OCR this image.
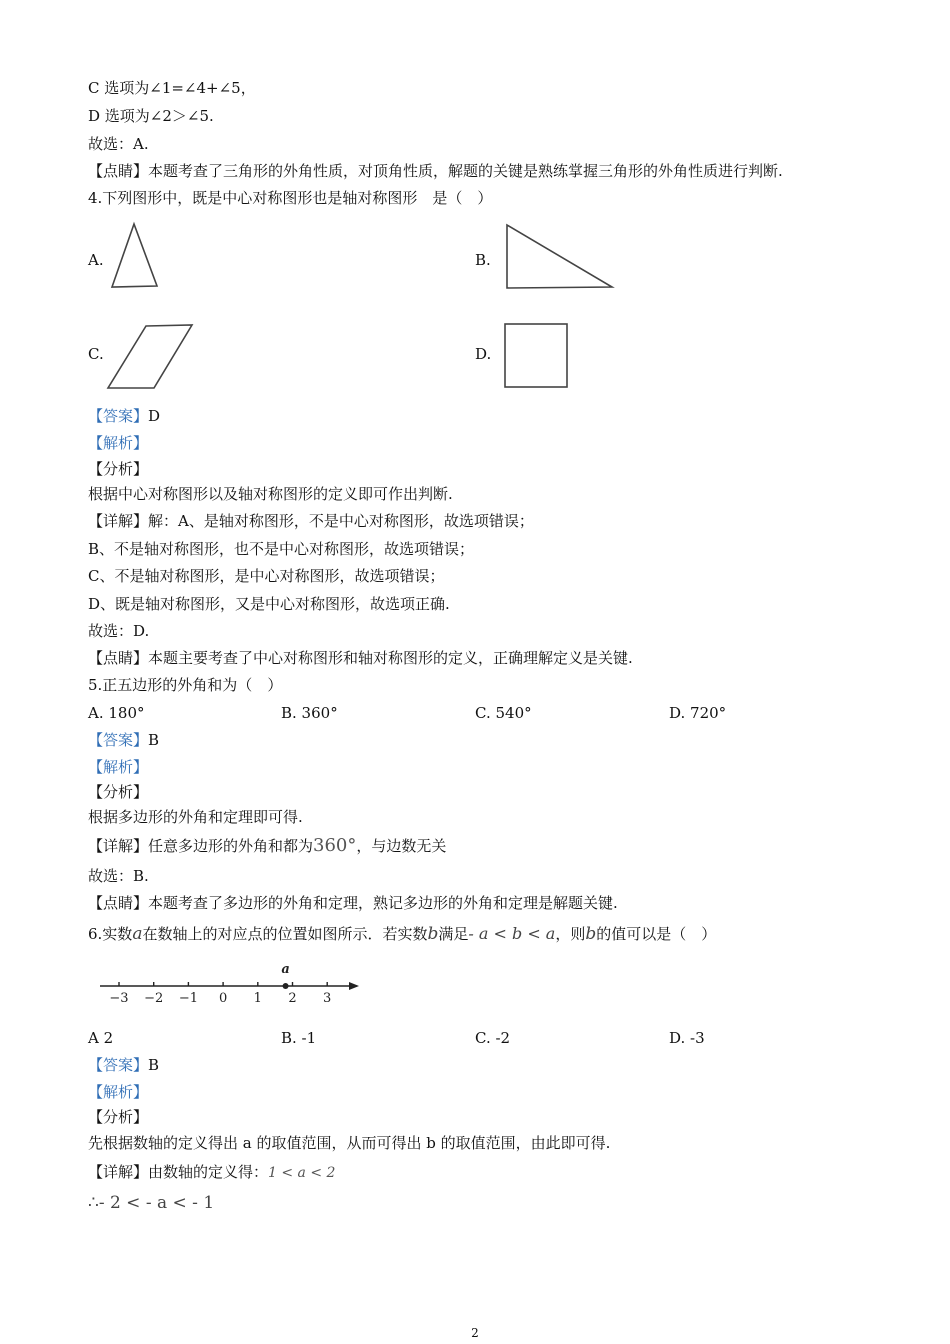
C 选项为∠1=∠4+∠5，
D 选项为∠2＞∠5.
故选：A.
【点睛】本题考查了三角形的外角性质，对顶角性质，解题的关键是熟练掌握三角形的外角性质进行判断.
4.下列图形中，既是中心对称图形也是轴对称图形　是（　）
A.	B.
C.	D.
【答案】D
【解析】
【分析】
根据中心对称图形以及轴对称图形的定义即可作出判断.
【详解】解：A、是轴对称图形，不是中心对称图形，故选项错误；
B、不是轴对称图形，也不是中心对称图形，故选项错误；
C、不是轴对称图形，是中心对称图形，故选项错误；
D、既是轴对称图形，又是中心对称图形，故选项正确.
故选：D.
【点睛】本题主要考查了中心对称图形和轴对称图形的定义，正确理解定义是关键.
5.正五边形的外角和为（　）
A. 180°	B. 360°	C. 540°	D. 720°
【答案】B
【解析】
【分析】
根据多边形的外角和定理即可得.
【详解】任意多边形的外角和都为360°，与边数无关
故选：B.
【点睛】本题考查了多边形的外角和定理，熟记多边形的外角和定理是解题关键.
6.实数a在数轴上的对应点的位置如图所示．若实数b满足- a < b < a，则b的值可以是（　）
−3 −2 −1 0 1 2 3
a
A 2	B. -1	C. -2	D. -3
【答案】B
【解析】
【分析】
先根据数轴的定义得出 a 的取值范围，从而可得出 b 的取值范围，由此即可得.
【详解】由数轴的定义得：1 < a < 2
∴- 2 < - a < - 1
2
